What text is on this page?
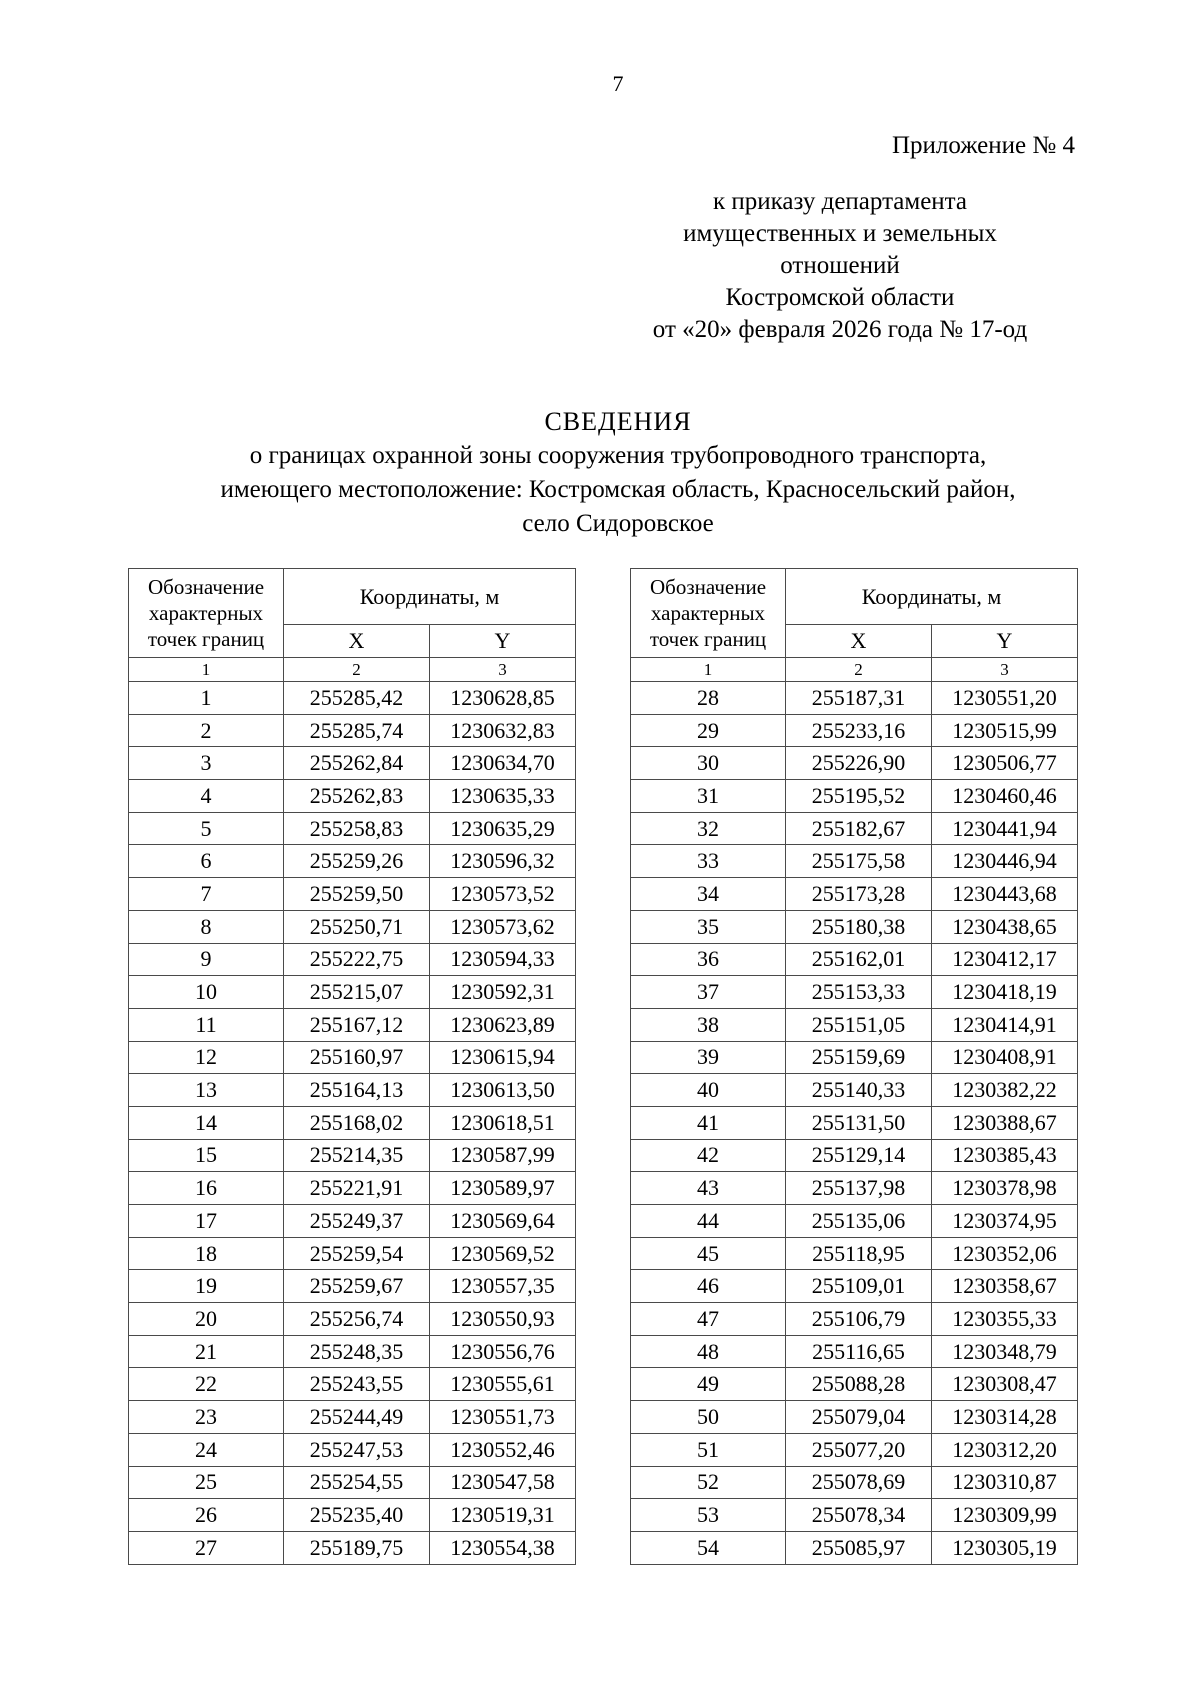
7
Приложение № 4
к приказу департамента
имущественных и земельных
отношений
Костромской области
от «20» февраля 2026 года № 17-од
СВЕДЕНИЯ
о границах охранной зоны сооружения трубопроводного транспорта,
имеющего местоположение: Костромская область, Красносельский район,
село Сидоровское
Обозначение
характерных
точек границ	Координаты, м	
	X	Y
1	2	3
1	255285,42	1230628,85
2	255285,74	1230632,83
3	255262,84	1230634,70
4	255262,83	1230635,33
5	255258,83	1230635,29
6	255259,26	1230596,32
7	255259,50	1230573,52
8	255250,71	1230573,62
9	255222,75	1230594,33
10	255215,07	1230592,31
11	255167,12	1230623,89
12	255160,97	1230615,94
13	255164,13	1230613,50
14	255168,02	1230618,51
15	255214,35	1230587,99
16	255221,91	1230589,97
17	255249,37	1230569,64
18	255259,54	1230569,52
19	255259,67	1230557,35
20	255256,74	1230550,93
21	255248,35	1230556,76
22	255243,55	1230555,61
23	255244,49	1230551,73
24	255247,53	1230552,46
25	255254,55	1230547,58
26	255235,40	1230519,31
27	255189,75	1230554,38
Обозначение
характерных
точек границ	Координаты, м	
	X	Y
1	2	3
28	255187,31	1230551,20
29	255233,16	1230515,99
30	255226,90	1230506,77
31	255195,52	1230460,46
32	255182,67	1230441,94
33	255175,58	1230446,94
34	255173,28	1230443,68
35	255180,38	1230438,65
36	255162,01	1230412,17
37	255153,33	1230418,19
38	255151,05	1230414,91
39	255159,69	1230408,91
40	255140,33	1230382,22
41	255131,50	1230388,67
42	255129,14	1230385,43
43	255137,98	1230378,98
44	255135,06	1230374,95
45	255118,95	1230352,06
46	255109,01	1230358,67
47	255106,79	1230355,33
48	255116,65	1230348,79
49	255088,28	1230308,47
50	255079,04	1230314,28
51	255077,20	1230312,20
52	255078,69	1230310,87
53	255078,34	1230309,99
54	255085,97	1230305,19
